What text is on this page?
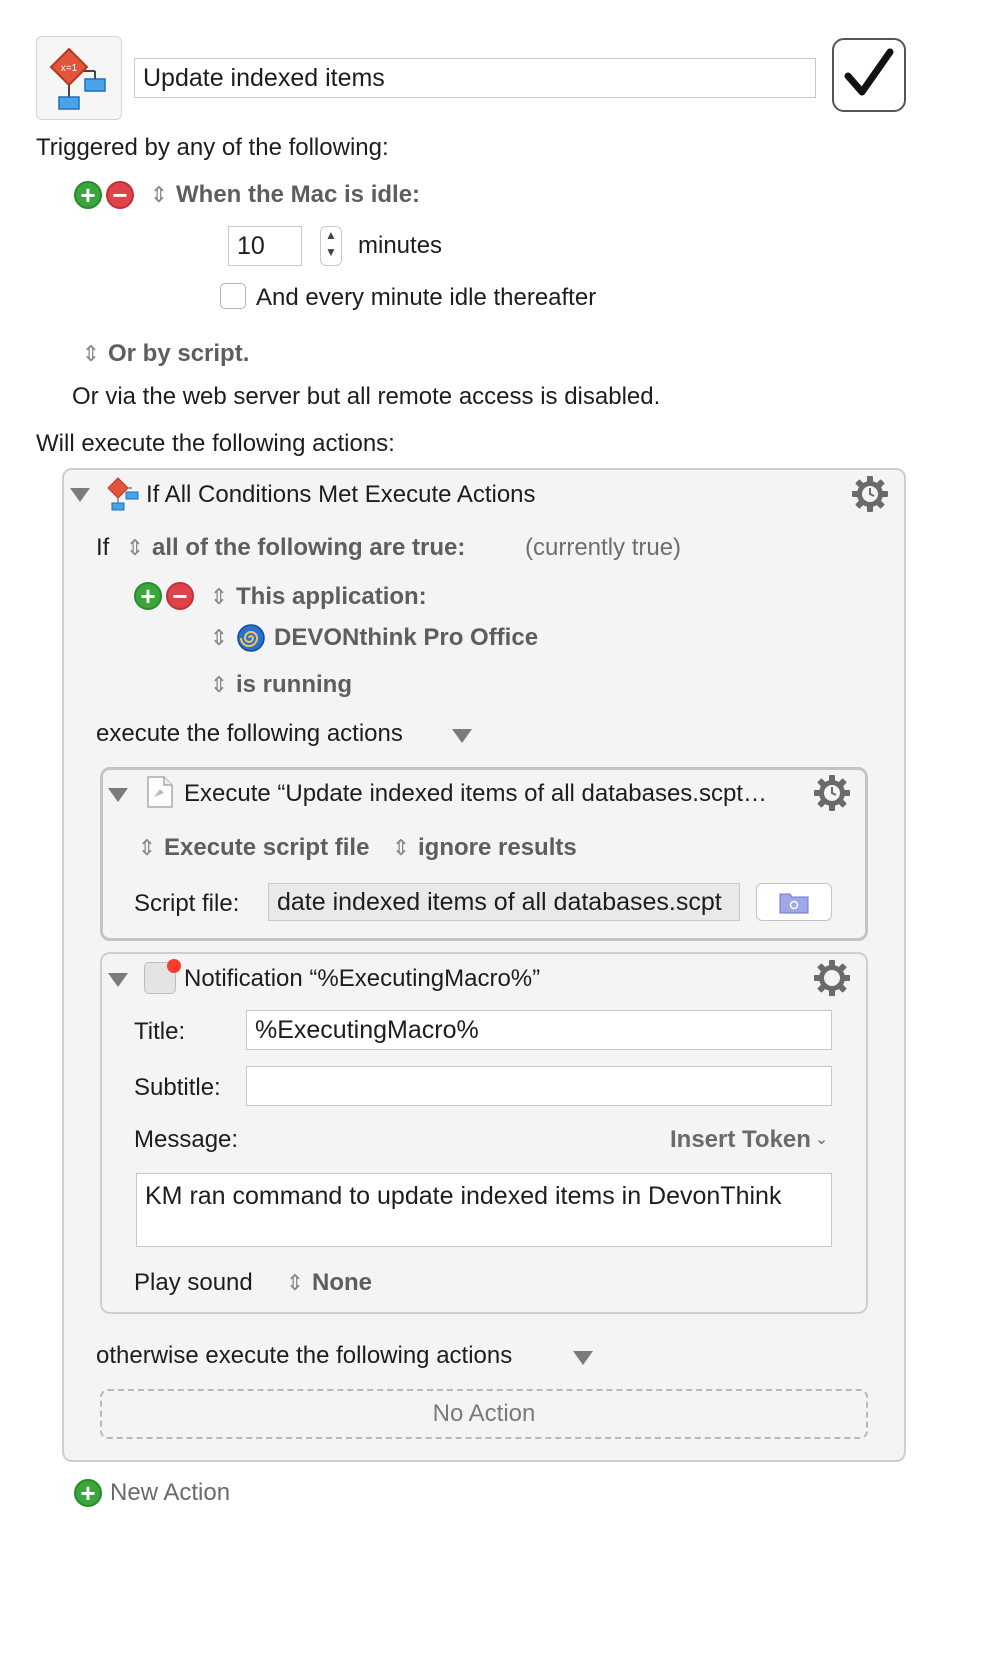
x=1	Update indexed items
Triggered by any of the following:
+ − ⇕ When the Mac is idle:
10	▲
▼ minutes
And every minute idle thereafter
⇕ Or by script.
Or via the web server but all remote access is disabled.
Will execute the following actions:
If All Conditions Met Execute Actions
If ⇕ all of the following are true: (currently true)
+ − ⇕ This application:
⇕ DEVONthink Pro Office
⇕ is running
execute the following actions
Execute “Update indexed items of all databases.scpt…
⇕ Execute script file ⇕ ignore results
Script file:	date indexed items of all databases.scpt
Notification “%ExecutingMacro%”
Title:	%ExecutingMacro%
Subtitle:
Message:	Insert Token ⌄
KM ran command to update indexed items in DevonThink
Play sound ⇕ None
otherwise execute the following actions
No Action
+ New Action
